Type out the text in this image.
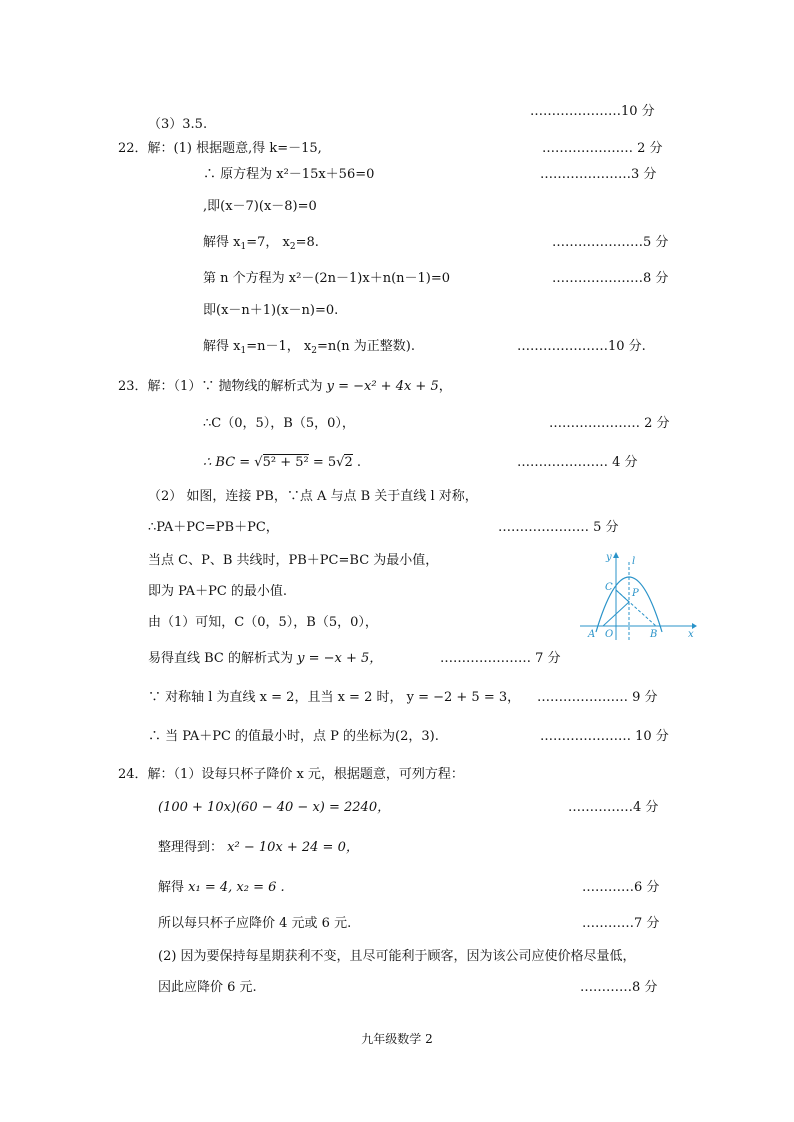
…………………10 分
（3）3.5.
22．解：(1) 根据题意,得 k=－15,	………………… 2 分
∴ 原方程为 x²－15x＋56=0	…………………3 分
,即(x－7)(x－8)=0
解得 $x_1=7$， $x_2=8$.	…………………5 分
第 n 个方程为 x²－(2n－1)x＋n(n－1)=0	…………………8 分
即(x－n＋1)(x－n)=0.
解得 $x_1=n-1$， $x_2=n(n$ 为正整数).	…………………10 分.
23．解：（1）∵ 抛物线的解析式为 y = −x² + 4x + 5，
∴C（0，5），B（5，0），	………………… 2 分
∴ BC = √5² + 5² = 5√2 .	………………… 4 分
（2） 如图，连接 PB，∵点 A 与点 B 关于直线 l 对称，
∴PA＋PC=PB＋PC，	………………… 5 分
当点 C、P、B 共线时，PB＋PC=BC 为最小值，
即为 PA＋PC 的最小值.
由（1）可知，C（0，5），B（5，0），
易得直线 BC 的解析式为 y = −x + 5，	………………… 7 分
∵ 对称轴 l 为直线 x = 2，且当 x = 2 时， y = −2 + 5 = 3， ………………… 9 分
∴ 当 PA＋PC 的值最小时，点 P 的坐标为(2，3).	………………… 10 分
y l
C
P
A O	B	x
24．解：（1）设每只杯子降价 x 元，根据题意，可列方程：
(100 + 10x)(60 − 40 − x) = 2240，	……………4 分
整理得到： x² − 10x + 24 = 0，
解得 x₁ = 4, x₂ = 6 .	…………6 分
所以每只杯子应降价 4 元或 6 元.	…………7 分
(2) 因为要保持每星期获利不变，且尽可能利于顾客，因为该公司应使价格尽量低，
因此应降价 6 元.	…………8 分
九年级数学 2
